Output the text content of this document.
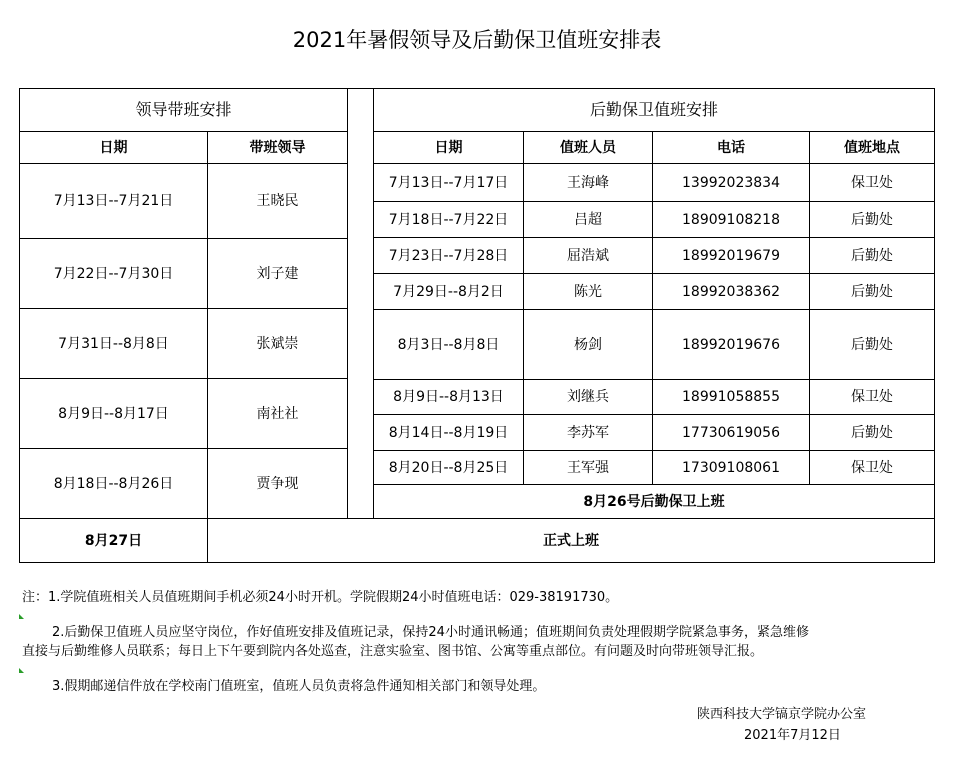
2021年暑假领导及后勤保卫值班安排表
领导带班安排
日期	带班领导
7月13日--7月21日	王晓民
7月22日--7月30日	刘子建
7月31日--8月8日	张斌崇
8月9日--8月17日	南社社
8月18日--8月26日	贾争现
后勤保卫值班安排
日期	值班人员	电话	值班地点
7月13日--7月17日	王海峰	13992023834	保卫处
7月18日--7月22日	吕超	18909108218	后勤处
7月23日--7月28日	屈浩斌	18992019679	后勤处
7月29日--8月2日	陈光	18992038362	后勤处
8月3日--8月8日	杨剑	18992019676	后勤处
8月9日--8月13日	刘继兵	18991058855	保卫处
8月14日--8月19日	李苏军	17730619056	后勤处
8月20日--8月25日	王军强	17309108061	保卫处
8月26号后勤保卫上班
8月27日	正式上班
注：1.学院值班相关人员值班期间手机必须24小时开机。学院假期24小时值班电话：029-38191730。
2.后勤保卫值班人员应坚守岗位，作好值班安排及值班记录，保持24小时通讯畅通；值班期间负责处理假期学院紧急事务，紧急维修
直接与后勤维修人员联系；每日上下午要到院内各处巡查，注意实验室、图书馆、公寓等重点部位。有问题及时向带班领导汇报。
3.假期邮递信件放在学校南门值班室，值班人员负责将急件通知相关部门和领导处理。
陕西科技大学镐京学院办公室
2021年7月12日
